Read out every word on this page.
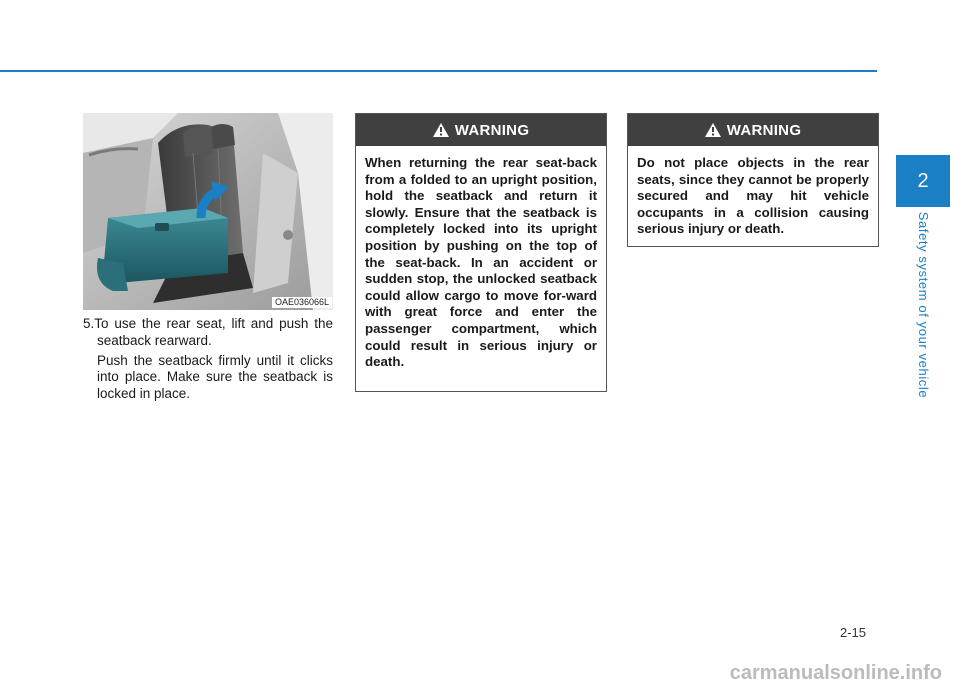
OAE036066L

5.To use the rear seat, lift and push the seatback rearward.

Push the seatback firmly until it clicks into place. Make sure the seatback is locked in place.

WARNING
When returning the rear seat-back from a folded to an upright position, hold the seatback and return it slowly. Ensure that the seatback is completely locked into its upright position by pushing on the top of the seat-back. In an accident or sudden stop, the unlocked seatback could allow cargo to move for-ward with great force and enter the passenger compartment, which could result in serious injury or death.
WARNING
Do not place objects in the rear seats, since they cannot be properly secured and may hit vehicle occupants in a collision causing serious injury or death.
2
Safety system of your vehicle
2-15
carmanualsonline.info
